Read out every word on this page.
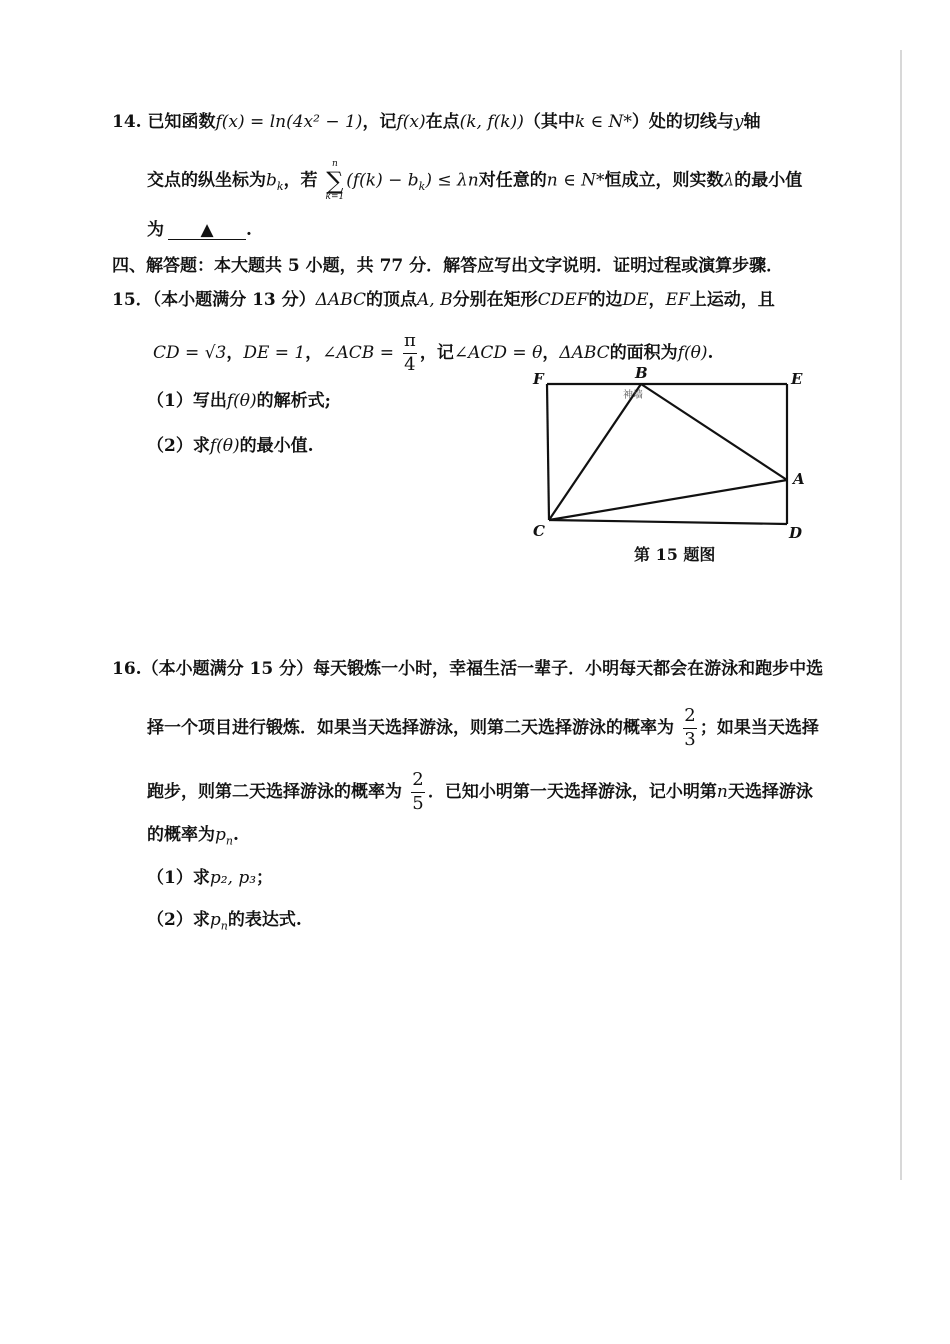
14. 已知函数f(x) = ln(4x² − 1)，记f(x)在点(k, f(k))（其中k ∈ N*）处的切线与y轴
交点的纵坐标为$b_k$，若
n
∑
k=1
$(f(k) - b_k) \le \lambda n$对任意的n ∈ N*恒成立，则实数λ的最小值
为 ▲ .
四、解答题：本大题共 5 小题，共 77 分．解答应写出文字说明．证明过程或演算步骤．
15．（本小题满分 13 分）ΔABC的顶点A, B分别在矩形CDEF的边DE，EF上运动，且
CD = √3，DE = 1，∠ACB = $\frac{\pi}{4}$ ，记∠ACD = θ，ΔABC的面积为f(θ).
（1）写出f(θ)的解析式;
（2）求f(θ)的最小值.
F	B	E
A
C	D
神墙
第 15 题图
16.（本小题满分 15 分）每天锻炼一小时，幸福生活一辈子．小明每天都会在游泳和跑步中选
择一个项目进行锻炼．如果当天选择游泳，则第二天选择游泳的概率为 $\frac{2}{3}$ ；如果当天选择
跑步，则第二天选择游泳的概率为 $\frac{2}{5}$ ．已知小明第一天选择游泳，记小明第n天选择游泳
的概率为$p_n$.
（1）求p₂, p₃；
（2）求$p_n$的表达式.
